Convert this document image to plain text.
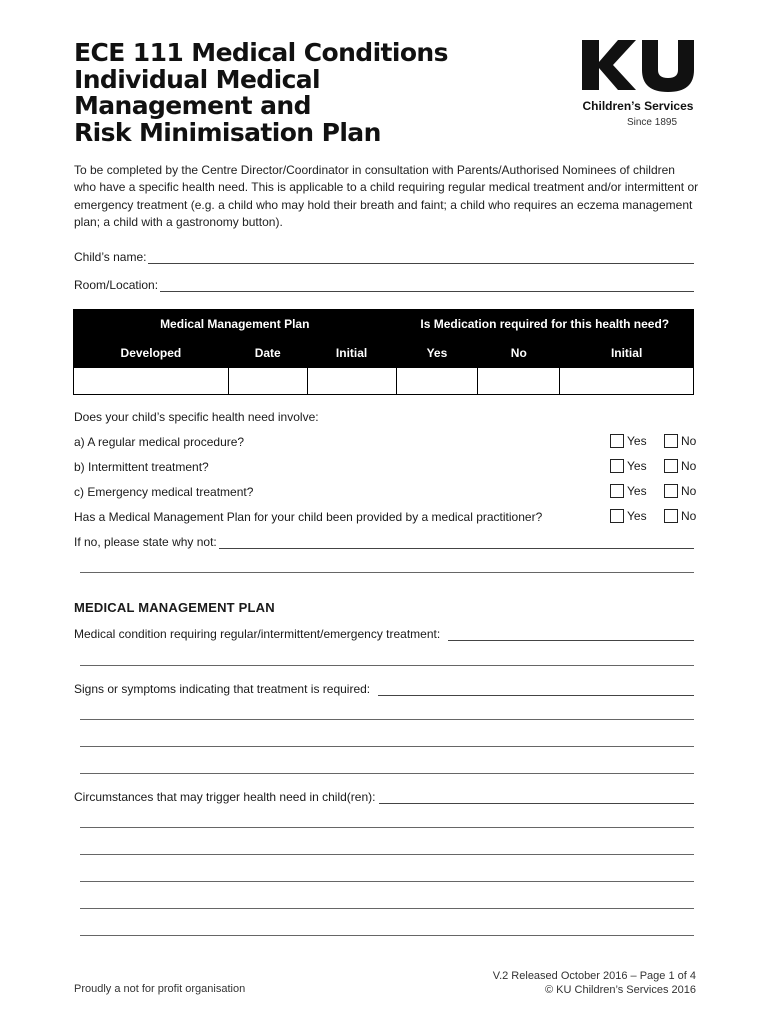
ECE 111 Medical Conditions
Individual Medical
Management and
Risk Minimisation Plan
Children’s Services
Since 1895

To be completed by the Centre Director/Coordinator in consultation with Parents/Authorised Nominees of children who have a specific health need. This is applicable to a child requiring regular medical treatment and/or intermittent or emergency treatment (e.g. a child who may hold their breath and faint; a child who requires an eczema management plan; a child with a gastronomy button).

Child’s name:
Room/Location:
Medical Management Plan			Is Medication required for this health need?		
Developed	Date	Initial	Yes	No	Initial

Does your child’s specific health need involve:
a) A regular medical procedure?	Yes	No
b) Intermittent treatment?	Yes	No
c) Emergency medical treatment?	Yes	No
Has a Medical Management Plan for your child been provided by a medical practitioner?	Yes	No
If no, please state why not:
MEDICAL MANAGEMENT PLAN
Medical condition requiring regular/intermittent/emergency treatment:
Signs or symptoms indicating that treatment is required:
Circumstances that may trigger health need in child(ren):
Proudly a not for profit organisation
V.2 Released October 2016 – Page 1 of 4
© KU Children’s Services 2016
